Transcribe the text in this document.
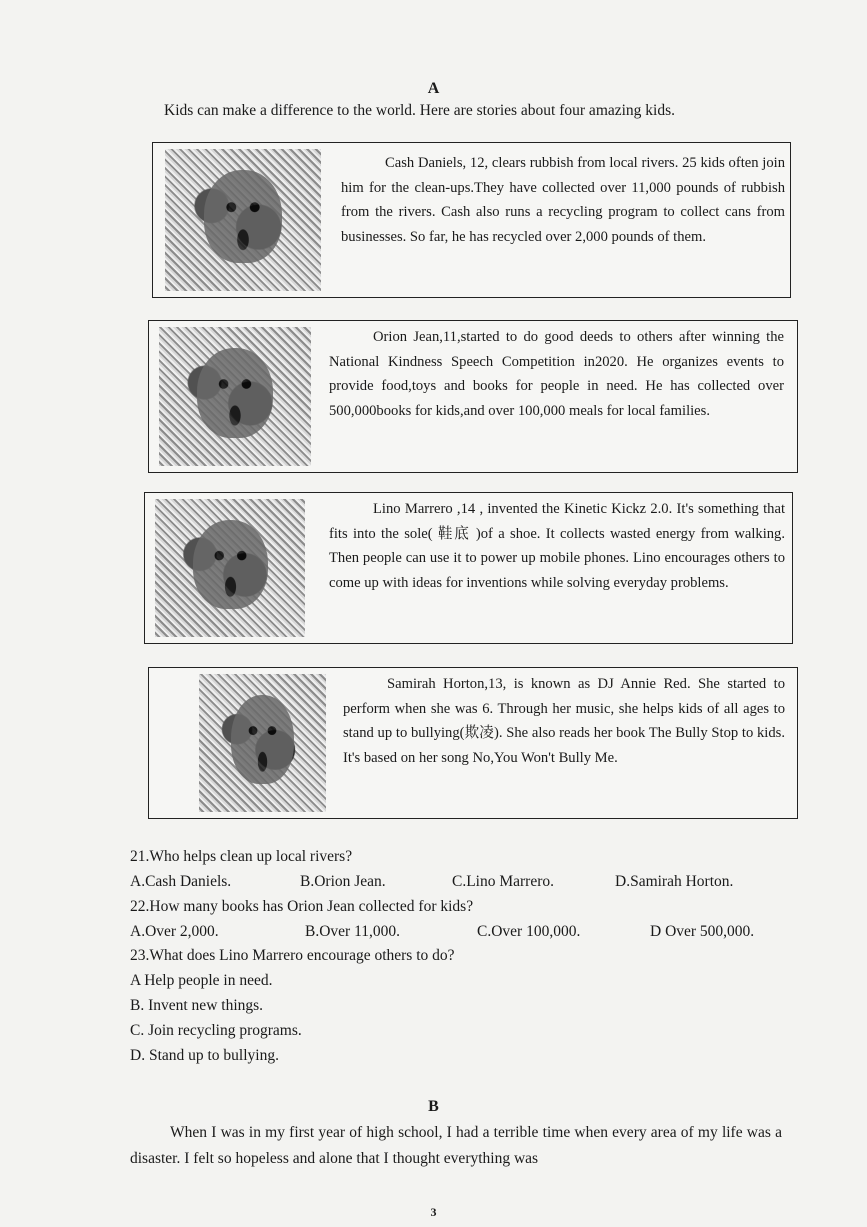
A
Kids can make a difference to the world. Here are stories about four amazing kids.
Cash Daniels, 12, clears rubbish from local rivers. 25 kids often join him for the clean-ups.They have collected over 11,000 pounds of rubbish from the rivers. Cash also runs a recycling program to collect cans from businesses. So far, he has recycled over 2,000 pounds of them.
Orion Jean,11,started to do good deeds to others after winning the National Kindness Speech Competition in2020. He organizes events to provide food,toys and books for people in need. He has collected over 500,000books for kids,and over 100,000 meals for local families.
Lino Marrero ,14 , invented the Kinetic Kickz 2.0. It's something that fits into the sole( 鞋底 )of a shoe. It collects wasted energy from walking. Then people can use it to power up mobile phones. Lino encourages others to come up with ideas for inventions while solving everyday problems.
Samirah Horton,13, is known as DJ Annie Red. She started to perform when she was 6. Through her music, she helps kids of all ages to stand up to bullying(欺凌). She also reads her book The Bully Stop to kids. It's based on her song No,You Won't Bully Me.
21.Who helps clean up local rivers?
A.Cash Daniels.	B.Orion Jean.	C.Lino Marrero.	D.Samirah Horton.
22.How many books has Orion Jean collected for kids?
A.Over 2,000.	B.Over 11,000.	C.Over 100,000.	D Over 500,000.
23.What does Lino Marrero encourage others to do?
A Help people in need.
B. Invent new things.
C. Join recycling programs.
D. Stand up to bullying.
B
When I was in my first year of high school, I had a terrible time when every area of my life was a disaster. I felt so hopeless and alone that I thought everything was
3
